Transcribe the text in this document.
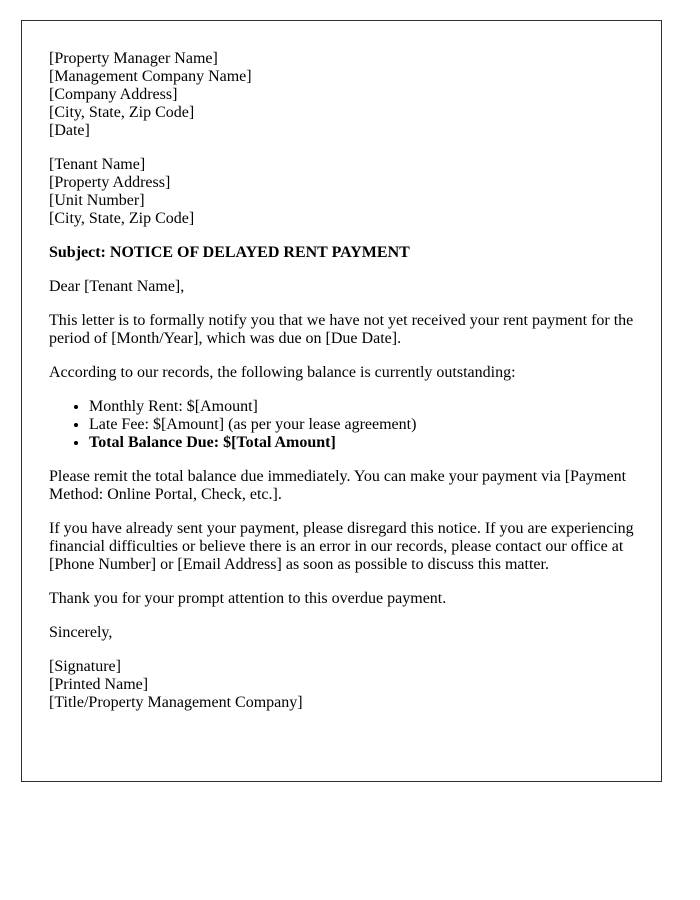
[Property Manager Name]
[Management Company Name]
[Company Address]
[City, State, Zip Code]
[Date]
[Tenant Name]
[Property Address]
[Unit Number]
[City, State, Zip Code]

Subject: NOTICE OF DELAYED RENT PAYMENT

Dear [Tenant Name],

This letter is to formally notify you that we have not yet received your rent payment for the period of [Month/Year], which was due on [Due Date].

According to our records, the following balance is currently outstanding:

• Monthly Rent: $[Amount]
• Late Fee: $[Amount] (as per your lease agreement)
• Total Balance Due: $[Total Amount]

Please remit the total balance due immediately. You can make your payment via [Payment Method: Online Portal, Check, etc.].

If you have already sent your payment, please disregard this notice. If you are experiencing financial difficulties or believe there is an error in our records, please contact our office at [Phone Number] or [Email Address] as soon as possible to discuss this matter.

Thank you for your prompt attention to this overdue payment.

Sincerely,

[Signature]
[Printed Name]
[Title/Property Management Company]
